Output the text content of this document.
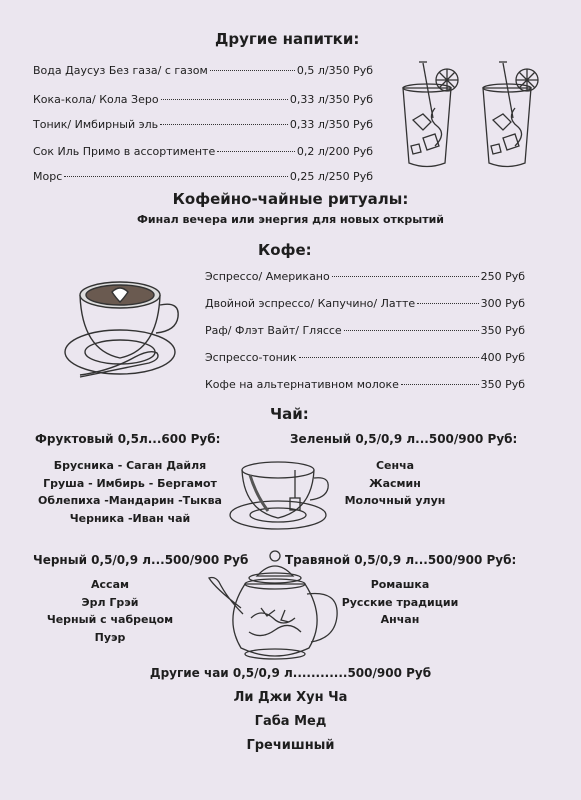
Другие напитки:
Вода Даусуз Без газа/ с газом	0,5 л/350 Руб
Кока-кола/ Кола Зеро	0,33 л/350 Руб
Тоник/ Имбирный эль	0,33 л/350 Руб
Сок Иль Примо в ассортименте	0,2 л/200 Руб
Морс	0,25 л/250 Руб
Кофейно-чайные ритуалы:
Финал вечера или энергия для новых открытий
Кофе:
Эспрессо/ Американо	250 Руб
Двойной эспрессо/ Капучино/ Латте	300 Руб
Раф/ Флэт Вайт/ Гляссе	350 Руб
Эспрессо-тоник	400 Руб
Кофе на альтернативном молоке	350 Руб
Чай:
Фруктовый 0,5л...600 Руб:
Брусника - Саган Дайля
Груша - Имбирь - Бергамот
Облепиха -Мандарин -Тыква
Черника -Иван чай
Зеленый 0,5/0,9 л...500/900 Руб:
Сенча
Жасмин
Молочный улун
Черный 0,5/0,9 л...500/900 Руб
Ассам
Эрл Грэй
Черный с чабрецом
Пуэр
Травяной 0,5/0,9 л...500/900 Руб:
Ромашка
Русские традиции
Анчан
Другие чаи 0,5/0,9 л............500/900 Руб
Ли Джи Хун Ча
Габа Мед
Гречишный
